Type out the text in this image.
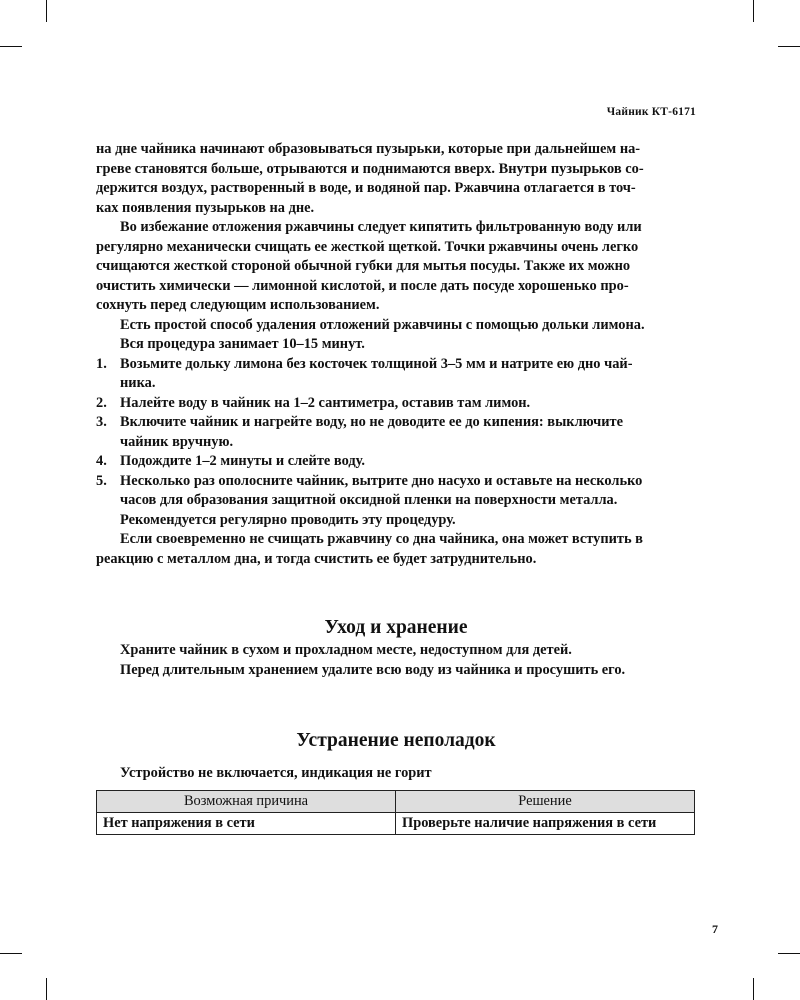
Чайник КТ-6171

на дне чайника начинают образовываться пузырьки, которые при дальнейшем на-
греве становятся больше, отрываются и поднимаются вверх. Внутри пузырьков со-
держится воздух, растворенный в воде, и водяной пар. Ржавчина отлагается в точ-
ках появления пузырьков на дне.

Во избежание отложения ржавчины следует кипятить фильтрованную воду или
регулярно механически счищать ее жесткой щеткой. Точки ржавчины очень легко
счищаются жесткой стороной обычной губки для мытья посуды. Также их можно
очистить химически — лимонной кислотой, и после дать посуде хорошенько про-
сохнуть перед следующим использованием.

Есть простой способ удаления отложений ржавчины с помощью дольки лимона.
Вся процедура занимает 10–15 минут.

1. Возьмите дольку лимона без косточек толщиной 3–5 мм и натрите ею дно чай-
ника.
2. Налейте воду в чайник на 1–2 сантиметра, оставив там лимон.
3. Включите чайник и нагрейте воду, но не доводите ее до кипения: выключите
чайник вручную.
4. Подождите 1–2 минуты и слейте воду.
5. Несколько раз ополосните чайник, вытрите дно насухо и оставьте на несколько
часов для образования защитной оксидной пленки на поверхности металла.

Рекомендуется регулярно проводить эту процедуру.

Если своевременно не счищать ржавчину со дна чайника, она может вступить в
реакцию с металлом дна, и тогда счистить ее будет затруднительно.

Уход и хранение

Храните чайник в сухом и прохладном месте, недоступном для детей.
Перед длительным хранением удалите всю воду из чайника и просушить его.

Устранение неполадок
Устройство не включается, индикация не горит
Возможная причина	Решение
Нет напряжения в сети	Проверьте наличие напряжения в сети
7
